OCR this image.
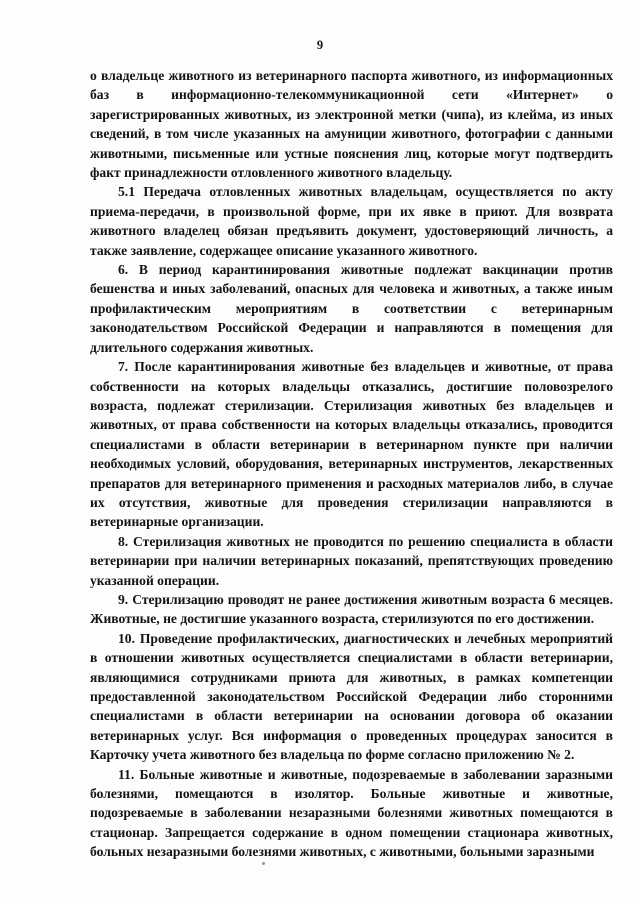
9

о владельце животного из ветеринарного паспорта животного, из информационных баз в информационно-телекоммуникационной сети «Интернет» о зарегистрированных животных, из электронной метки (чипа), из клейма, из иных сведений, в том числе указанных на амуниции животного, фотографии с данными животными, письменные или устные пояснения лиц, которые могут подтвердить факт принадлежности отловленного животного владельцу.

5.1 Передача отловленных животных владельцам, осуществляется по акту приема-передачи, в произвольной форме, при их явке в приют. Для возврата животного владелец обязан предъявить документ, удостоверяющий личность, а также заявление, содержащее описание указанного животного.

6. В период карантинирования животные подлежат вакцинации против бешенства и иных заболеваний, опасных для человека и животных, а также иным профилактическим мероприятиям в соответствии с ветеринарным законодательством Российской Федерации и направляются в помещения для длительного содержания животных.

7. После карантинирования животные без владельцев и животные, от права собственности на которых владельцы отказались, достигшие половозрелого возраста, подлежат стерилизации. Стерилизация животных без владельцев и животных, от права собственности на которых владельцы отказались, проводится специалистами в области ветеринарии в ветеринарном пункте при наличии необходимых условий, оборудования, ветеринарных инструментов, лекарственных препаратов для ветеринарного применения и расходных материалов либо, в случае их отсутствия, животные для проведения стерилизации направляются в ветеринарные организации.

8. Стерилизация животных не проводится по решению специалиста в области ветеринарии при наличии ветеринарных показаний, препятствующих проведению указанной операции.

9. Стерилизацию проводят не ранее достижения животным возраста 6 месяцев. Животные, не достигшие указанного возраста, стерилизуются по его достижении.

10. Проведение профилактических, диагностических и лечебных мероприятий в отношении животных осуществляется специалистами в области ветеринарии, являющимися сотрудниками приюта для животных, в рамках компетенции предоставленной законодательством Российской Федерации либо сторонними специалистами в области ветеринарии на основании договора об оказании ветеринарных услуг. Вся информация о проведенных процедурах заносится в Карточку учета животного без владельца по форме согласно приложению № 2.

11. Больные животные и животные, подозреваемые в заболевании заразными болезнями, помещаются в изолятор. Больные животные и животные, подозреваемые в заболевании незаразными болезнями животных помещаются в стационар. Запрещается содержание в одном помещении стационара животных, больных незаразными болезнями животных, с животными, больными заразными
